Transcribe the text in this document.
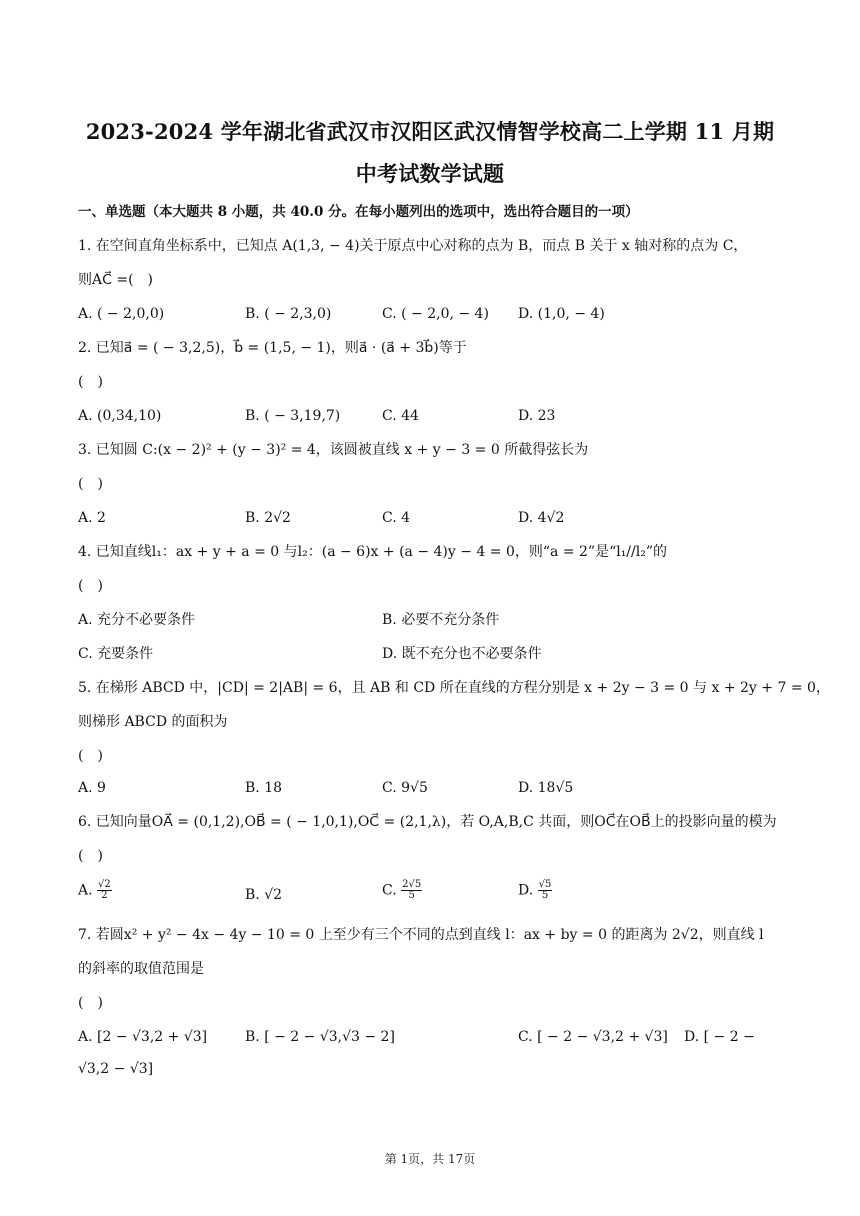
2023-2024 学年湖北省武汉市汉阳区武汉情智学校高二上学期 11 月期
中考试数学试题
一、单选题（本大题共 8 小题，共 40.0 分。在每小题列出的选项中，选出符合题目的一项）
1. 在空间直角坐标系中，已知点 A(1,3, − 4)关于原点中心对称的点为 B，而点 B 关于 x 轴对称的点为 C，
则AC⃗ =(　)
A. ( − 2,0,0)	B. ( − 2,3,0)	C. ( − 2,0, − 4) D. (1,0, − 4)
2. 已知a⃗ = ( − 3,2,5)，b⃗ = (1,5, − 1)，则a⃗ · (a⃗ + 3b⃗)等于
(　)
A. (0,34,10)	B. ( − 3,19,7)	C. 44	D. 23
3. 已知圆 C:(x − 2)² + (y − 3)² = 4，该圆被直线 x + y − 3 = 0 所截得弦长为
(　)
A. 2	B. 2√2	C. 4	D. 4√2
4. 已知直线l₁：ax + y + a = 0 与l₂：(a − 6)x + (a − 4)y − 4 = 0，则“a = 2”是“l₁//l₂”的
(　)
A. 充分不必要条件	B. 必要不充分条件
C. 充要条件	D. 既不充分也不必要条件
5. 在梯形 ABCD 中，|CD| = 2|AB| = 6，且 AB 和 CD 所在直线的方程分别是 x + 2y − 3 = 0 与 x + 2y + 7 = 0，
则梯形 ABCD 的面积为
(　)
A. 9	B. 18	C. 9√5	D. 18√5
6. 已知向量OA⃗ = (0,1,2),OB⃗ = ( − 1,0,1),OC⃗ = (2,1,λ)，若 O,A,B,C 共面，则OC⃗在OB⃗上的投影向量的模为
(　)
A. $\frac{√2}{2}$	B. √2	C. $\frac{2√5}{5}$	D. $\frac{√5}{5}$
7. 若圆x² + y² − 4x − 4y − 10 = 0 上至少有三个不同的点到直线 l：ax + by = 0 的距离为 2√2，则直线 l
的斜率的取值范围是
(　)
A. [2 − √3,2 + √3]	B. [ − 2 − √3,√3 − 2]	C. [ − 2 − √3,2 + √3] D. [ − 2 −
√3,2 − √3]
第 1页，共 17页
